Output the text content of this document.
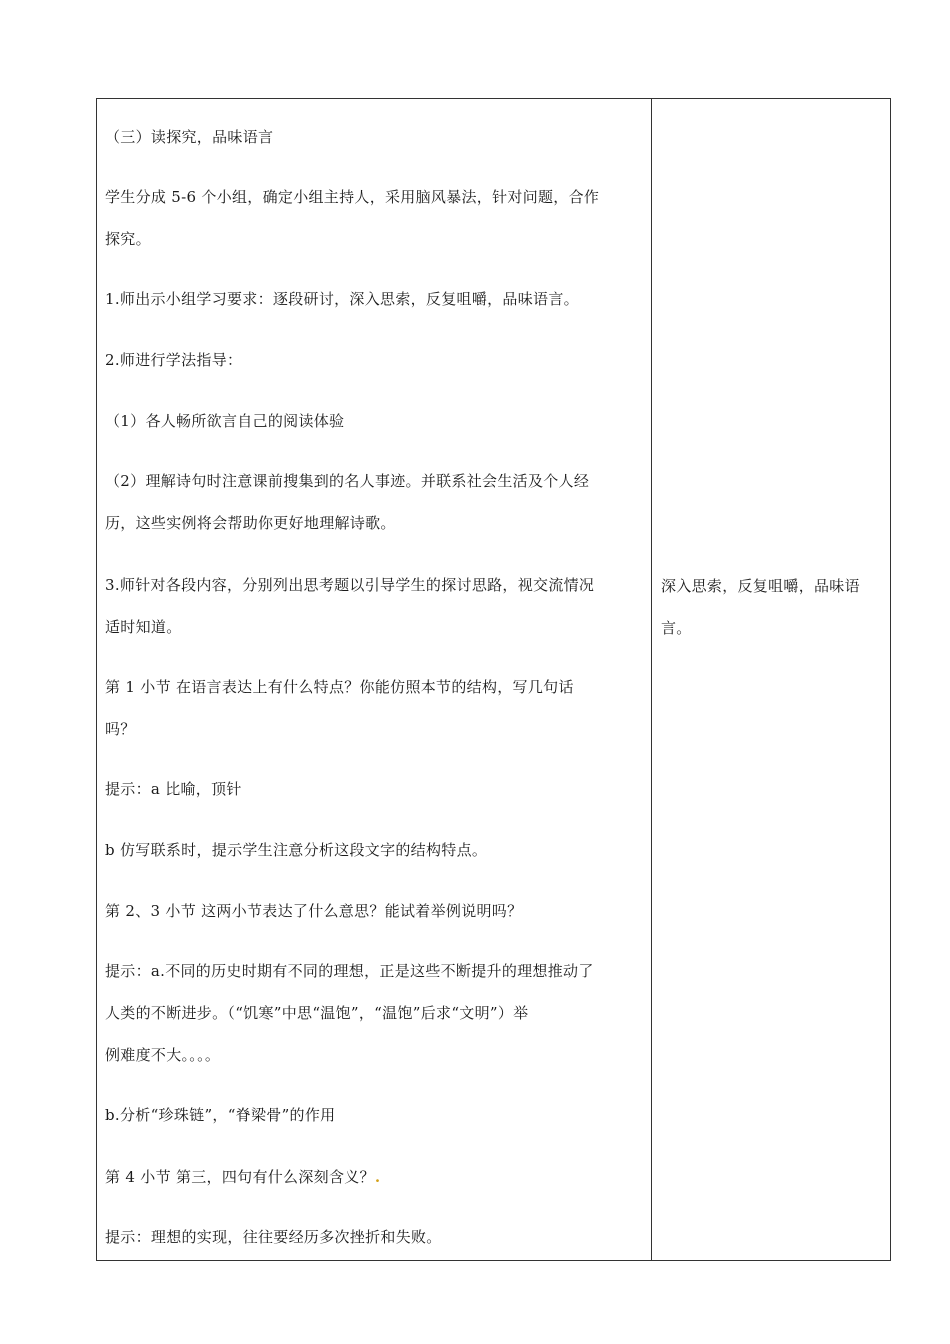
（三）读探究，品味语言
学生分成 5-6 个小组，确定小组主持人，采用脑风暴法，针对问题，合作
探究。
1.师出示小组学习要求：逐段研讨，深入思索，反复咀嚼，品味语言。
2.师进行学法指导：
（1）各人畅所欲言自己的阅读体验
（2）理解诗句时注意课前搜集到的名人事迹。并联系社会生活及个人经
历，这些实例将会帮助你更好地理解诗歌。
3.师针对各段内容，分别列出思考题以引导学生的探讨思路，视交流情况
适时知道。
第 1 小节 在语言表达上有什么特点？你能仿照本节的结构，写几句话
吗？
提示：a 比喻，顶针
b 仿写联系时，提示学生注意分析这段文字的结构特点。
第 2、3 小节 这两小节表达了什么意思？能试着举例说明吗？
提示：a.不同的历史时期有不同的理想，正是这些不断提升的理想推动了
人类的不断进步。（“饥寒”中思“温饱”，“温饱”后求“文明”）举
例难度不大。。。。
b.分析“珍珠链”，“脊梁骨”的作用
第 4 小节 第三，四句有什么深刻含义？.
提示：理想的实现，往往要经历多次挫折和失败。
深入思索，反复咀嚼，品味语
言。
